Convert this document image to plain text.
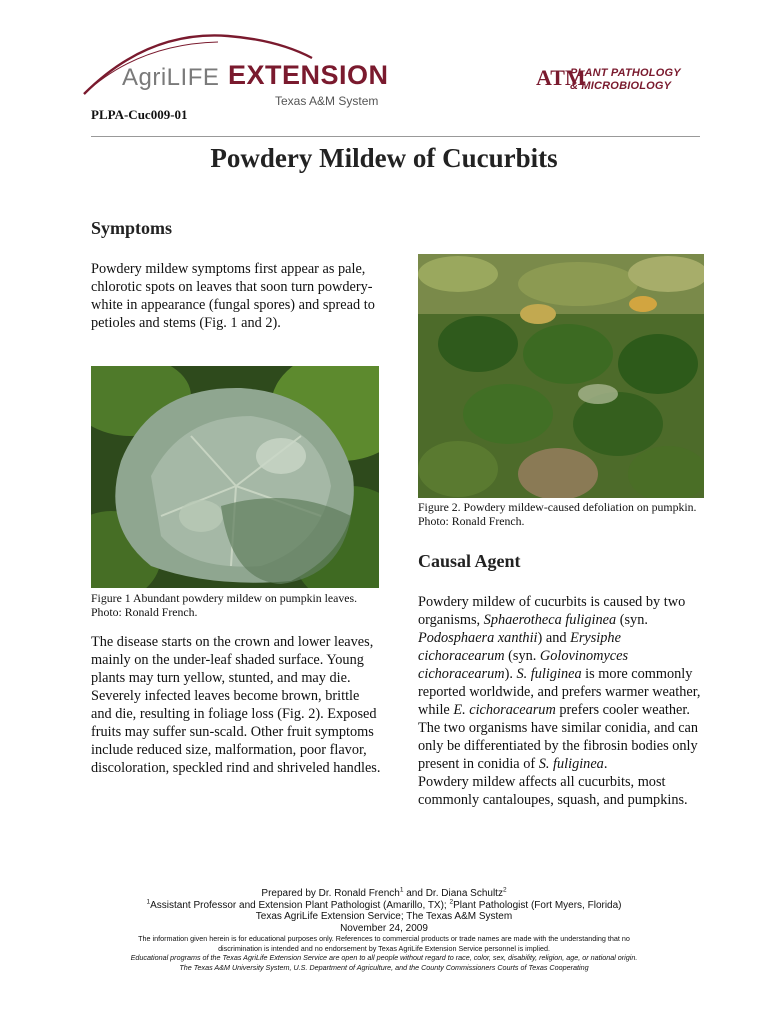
AgriLIFE EXTENSION
Texas A&M System
ATM
PLANT PATHOLOGY
& MICROBIOLOGY
PLPA-Cuc009-01
Powdery Mildew of Cucurbits
Symptoms
Powdery mildew symptoms first appear as pale, chlorotic spots on leaves that soon turn powdery-white in appearance (fungal spores) and spread to petioles and stems (Fig. 1 and 2).
Figure 1 Abundant powdery mildew on pumpkin leaves. Photo: Ronald French.
The disease starts on the crown and lower leaves, mainly on the under-leaf shaded surface. Young plants may turn yellow, stunted, and may die. Severely infected leaves become brown, brittle and die, resulting in foliage loss (Fig. 2). Exposed fruits may suffer sun-scald. Other fruit symptoms include reduced size, malformation, poor flavor, discoloration, speckled rind and shriveled handles.
Figure 2. Powdery mildew-caused defoliation on pumpkin. Photo: Ronald French.
Causal Agent
Powdery mildew of cucurbits is caused by two organisms, Sphaerotheca fuliginea (syn. Podosphaera xanthii) and Erysiphe cichoracearum (syn. Golovinomyces cichoracearum). S. fuliginea is more commonly reported worldwide, and prefers warmer weather, while E. cichoracearum prefers cooler weather. The two organisms have similar conidia, and can only be differentiated by the fibrosin bodies only present in conidia of S. fuliginea.
Powdery mildew affects all cucurbits, most commonly cantaloupes, squash, and pumpkins.
Prepared by Dr. Ronald French$^1$ and Dr. Diana Schultz$^2$
$^1$Assistant Professor and Extension Plant Pathologist (Amarillo, TX); $^2$Plant Pathologist (Fort Myers, Florida)
Texas AgriLife Extension Service; The Texas A&M System
November 24, 2009
The information given herein is for educational purposes only. References to commercial products or trade names are made with the understanding that no
discrimination is intended and no endorsement by Texas AgriLife Extension Service personnel is implied.
Educational programs of the Texas AgriLife Extension Service are open to all people without regard to race, color, sex, disability, religion, age, or national origin.
The Texas A&M University System, U.S. Department of Agriculture, and the County Commissioners Courts of Texas Cooperating
